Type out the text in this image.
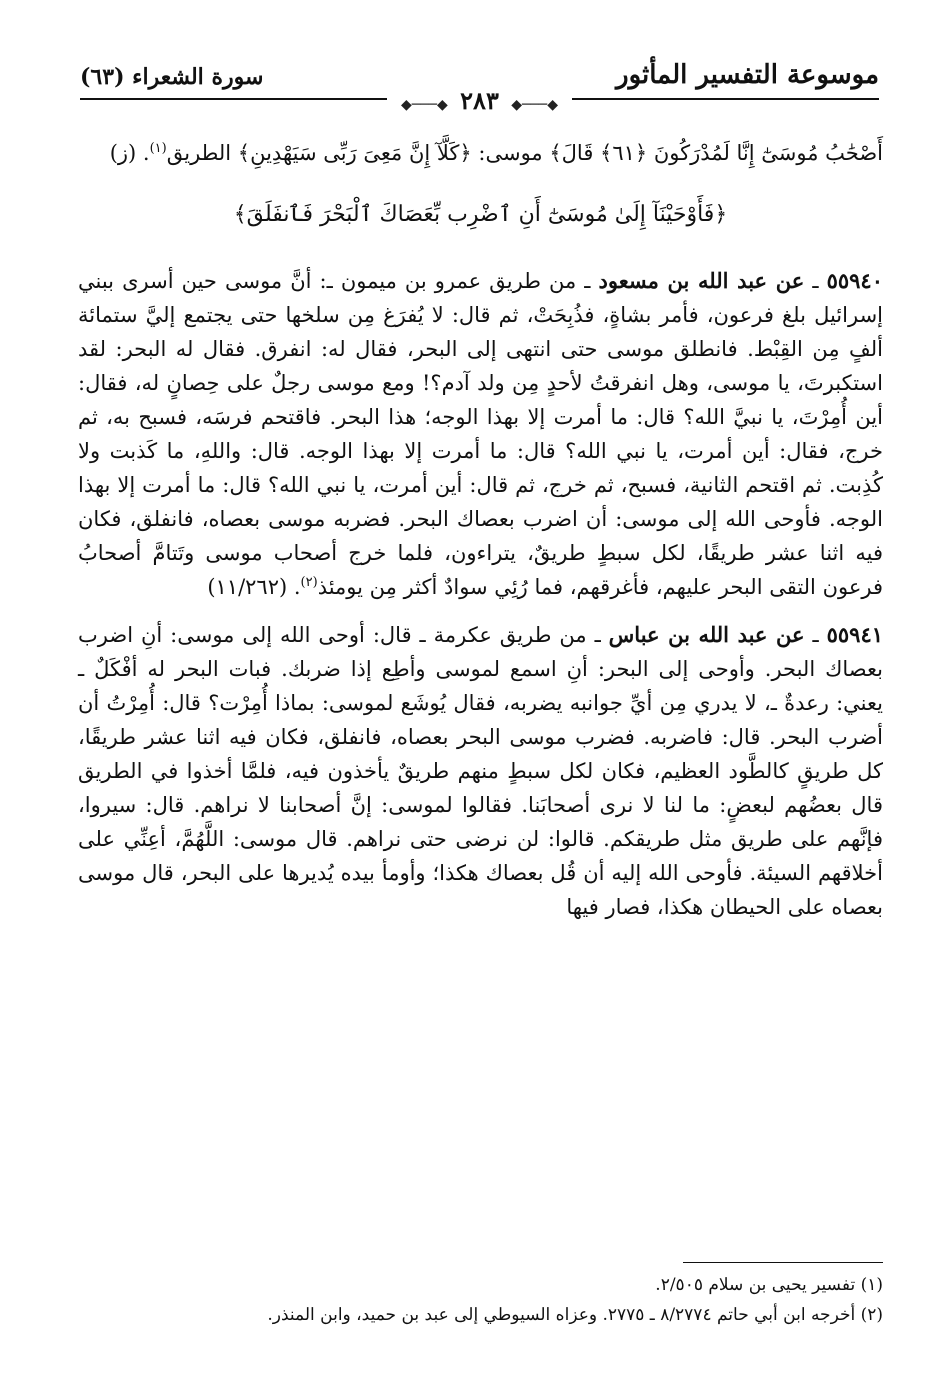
موسوعة التفسير المأثور
سورة الشعراء (٦٣)
◆───◆ ٢٨٣ ◆───◆

أَصْحَٰبُ مُوسَىٰٓ إِنَّا لَمُدْرَكُونَ ﴿٦١﴾ قَالَ﴾ موسى: ﴿كَلَّآ إِنَّ مَعِىَ رَبِّى سَيَهْدِينِ﴾ الطريق$^{(١)}$. (ز)

﴿فَأَوْحَيْنَآ إِلَىٰ مُوسَىٰٓ أَنِ ٱضْرِب بِّعَصَاكَ ٱلْبَحْرَ فَٱنفَلَقَ﴾

٥٥٩٤٠ ـ عن عبد الله بن مسعود ـ من طريق عمرو بن ميمون ـ: أنَّ موسى حين أسرى ببني إسرائيل بلغ فرعون، فأمر بشاةٍ، فذُبِحَتْ، ثم قال: لا يُفرَغ مِن سلخها حتى يجتمع إليَّ ستمائة ألفٍ مِن القِبْط. فانطلق موسى حتى انتهى إلى البحر، فقال له: انفرق. فقال له البحر: لقد استكبرتَ، يا موسى، وهل انفرقتُ لأحدٍ مِن ولد آدم؟! ومع موسى رجلٌ على حِصانٍ له، فقال: أين أُمِرْتَ، يا نبيَّ الله؟ قال: ما أمرت إلا بهذا الوجه؛ هذا البحر. فاقتحم فرسَه، فسبح به، ثم خرج، فقال: أين أمرت، يا نبي الله؟ قال: ما أمرت إلا بهذا الوجه. قال: واللهِ، ما كَذبت ولا كُذِبت. ثم اقتحم الثانية، فسبح، ثم خرج، ثم قال: أين أمرت، يا نبي الله؟ قال: ما أمرت إلا بهذا الوجه. فأوحى الله إلى موسى: أن اضرب بعصاك البحر. فضربه موسى بعصاه، فانفلق، فكان فيه اثنا عشر طريقًا، لكل سبطٍ طريقٌ، يتراءون، فلما خرج أصحاب موسى وتَتامَّ أصحابُ فرعون التقى البحر عليهم، فأغرقهم، فما رُئِي سوادٌ أكثر مِن يومئذ$^{(٢)}$. (١١/٢٦٢)

٥٥٩٤١ ـ عن عبد الله بن عباس ـ من طريق عكرمة ـ قال: أوحى الله إلى موسى: أنِ اضرب بعصاك البحر. وأوحى إلى البحر: أنِ اسمع لموسى وأطِع إذا ضربك. فبات البحر له أفْكَلٌ ـ يعني: رعدةٌ ـ، لا يدري مِن أيِّ جوانبه يضربه، فقال يُوشَع لموسى: بماذا أُمِرْت؟ قال: أُمِرْتُ أن أضرب البحر. قال: فاضربه. فضرب موسى البحر بعصاه، فانفلق، فكان فيه اثنا عشر طريقًا، كل طريقٍ كالطَّود العظيم، فكان لكل سبطٍ منهم طريقٌ يأخذون فيه، فلمَّا أخذوا في الطريق قال بعضُهم لبعضٍ: ما لنا لا نرى أصحابَنا. فقالوا لموسى: إنَّ أصحابنا لا نراهم. قال: سيروا، فإنَّهم على طريق مثل طريقكم. قالوا: لن نرضى حتى نراهم. قال موسى: اللَّهُمَّ، أعِنِّي على أخلاقهم السيئة. فأوحى الله إليه أن قُل بعصاك هكذا؛ وأومأ بيده يُديرها على البحر، قال موسى بعصاه على الحيطان هكذا، فصار فيها

(١) تفسير يحيى بن سلام ٢/٥٠٥.

(٢) أخرجه ابن أبي حاتم ٨/٢٧٧٤ ـ ٢٧٧٥. وعزاه السيوطي إلى عبد بن حميد، وابن المنذر.
